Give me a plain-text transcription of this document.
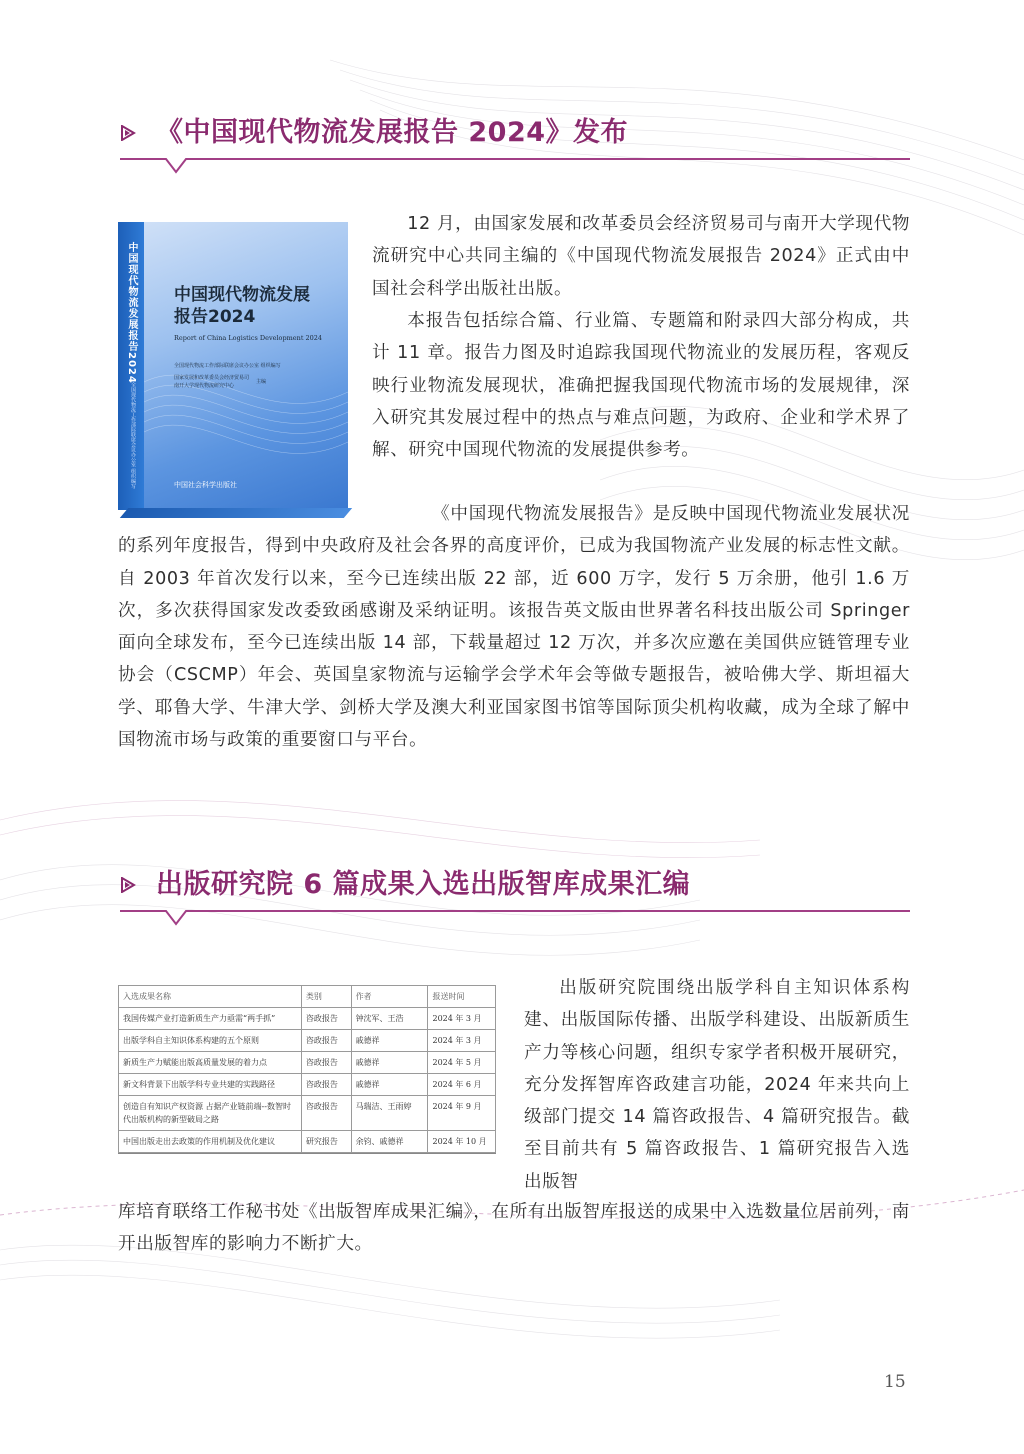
《中国现代物流发展报告 2024》发布
中国现代物流发展报告2024
全国现代物流工作部际联席会议办公室 组织编写
中国现代物流发展
报告2024
Report of China Logistics Development 2024
全国现代物流工作部际联席会议办公室 组织编写
国家发展和改革委员会经济贸易司
南开大学现代物流研究中心
主编
中国社会科学出版社

12 月，由国家发展和改革委员会经济贸易司与南开大学现代物流研究中心共同主编的《中国现代物流发展报告 2024》正式由中国社会科学出版社出版。

本报告包括综合篇、行业篇、专题篇和附录四大部分构成，共计 11 章。报告力图及时追踪我国现代物流业的发展历程，客观反映行业物流发展现状，准确把握我国现代物流市场的发展规律，深入研究其发展过程中的热点与难点问题，为政府、企业和学术界了解、研究中国现代物流的发展提供参考。

《中国现代物流发展报告》是反映中国现代物流业发展状况的系列年度报告，得到中央政府及社会各界的高度评价，已成为我国物流产业发展的标志性文献。自 2003 年首次发行以来，至今已连续出版 22 部，近 600 万字，发行 5 万余册，他引 1.6 万次，多次获得国家发改委致函感谢及采纳证明。该报告英文版由世界著名科技出版公司 Springer 面向全球发布，至今已连续出版 14 部，下载量超过 12 万次，并多次应邀在美国供应链管理专业协会（CSCMP）年会、英国皇家物流与运输学会学术年会等做专题报告，被哈佛大学、斯坦福大学、耶鲁大学、牛津大学、剑桥大学及澳大利亚国家图书馆等国际顶尖机构收藏，成为全球了解中国物流市场与政策的重要窗口与平台。

出版研究院 6 篇成果入选出版智库成果汇编
入选成果名称	类别	作者	报送时间
我国传媒产业打造新质生产力亟需“两手抓”	咨政报告	钟沈军、王浩	2024 年 3 月
出版学科自主知识体系构建的五个原则	咨政报告	戚德祥	2024 年 3 月
新质生产力赋能出版高质量发展的着力点	咨政报告	戚德祥	2024 年 5 月
新文科背景下出版学科专业共建的实践路径	咨政报告	戚德祥	2024 年 6 月
创造自有知识产权资源 占据产业链前端--数智时代出版机构的新型破局之路	咨政报告	马瑞洁、王雨婷	2024 年 9 月
中国出版走出去政策的作用机制及优化建议	研究报告	余钧、戚德祥	2024 年 10 月

出版研究院围绕出版学科自主知识体系构建、出版国际传播、出版学科建设、出版新质生产力等核心问题，组织专家学者积极开展研究，充分发挥智库咨政建言功能，2024 年来共向上级部门提交 14 篇咨政报告、4 篇研究报告。截至目前共有 5 篇咨政报告、1 篇研究报告入选出版智

库培育联络工作秘书处《出版智库成果汇编》，在所有出版智库报送的成果中入选数量位居前列，南开出版智库的影响力不断扩大。

15
